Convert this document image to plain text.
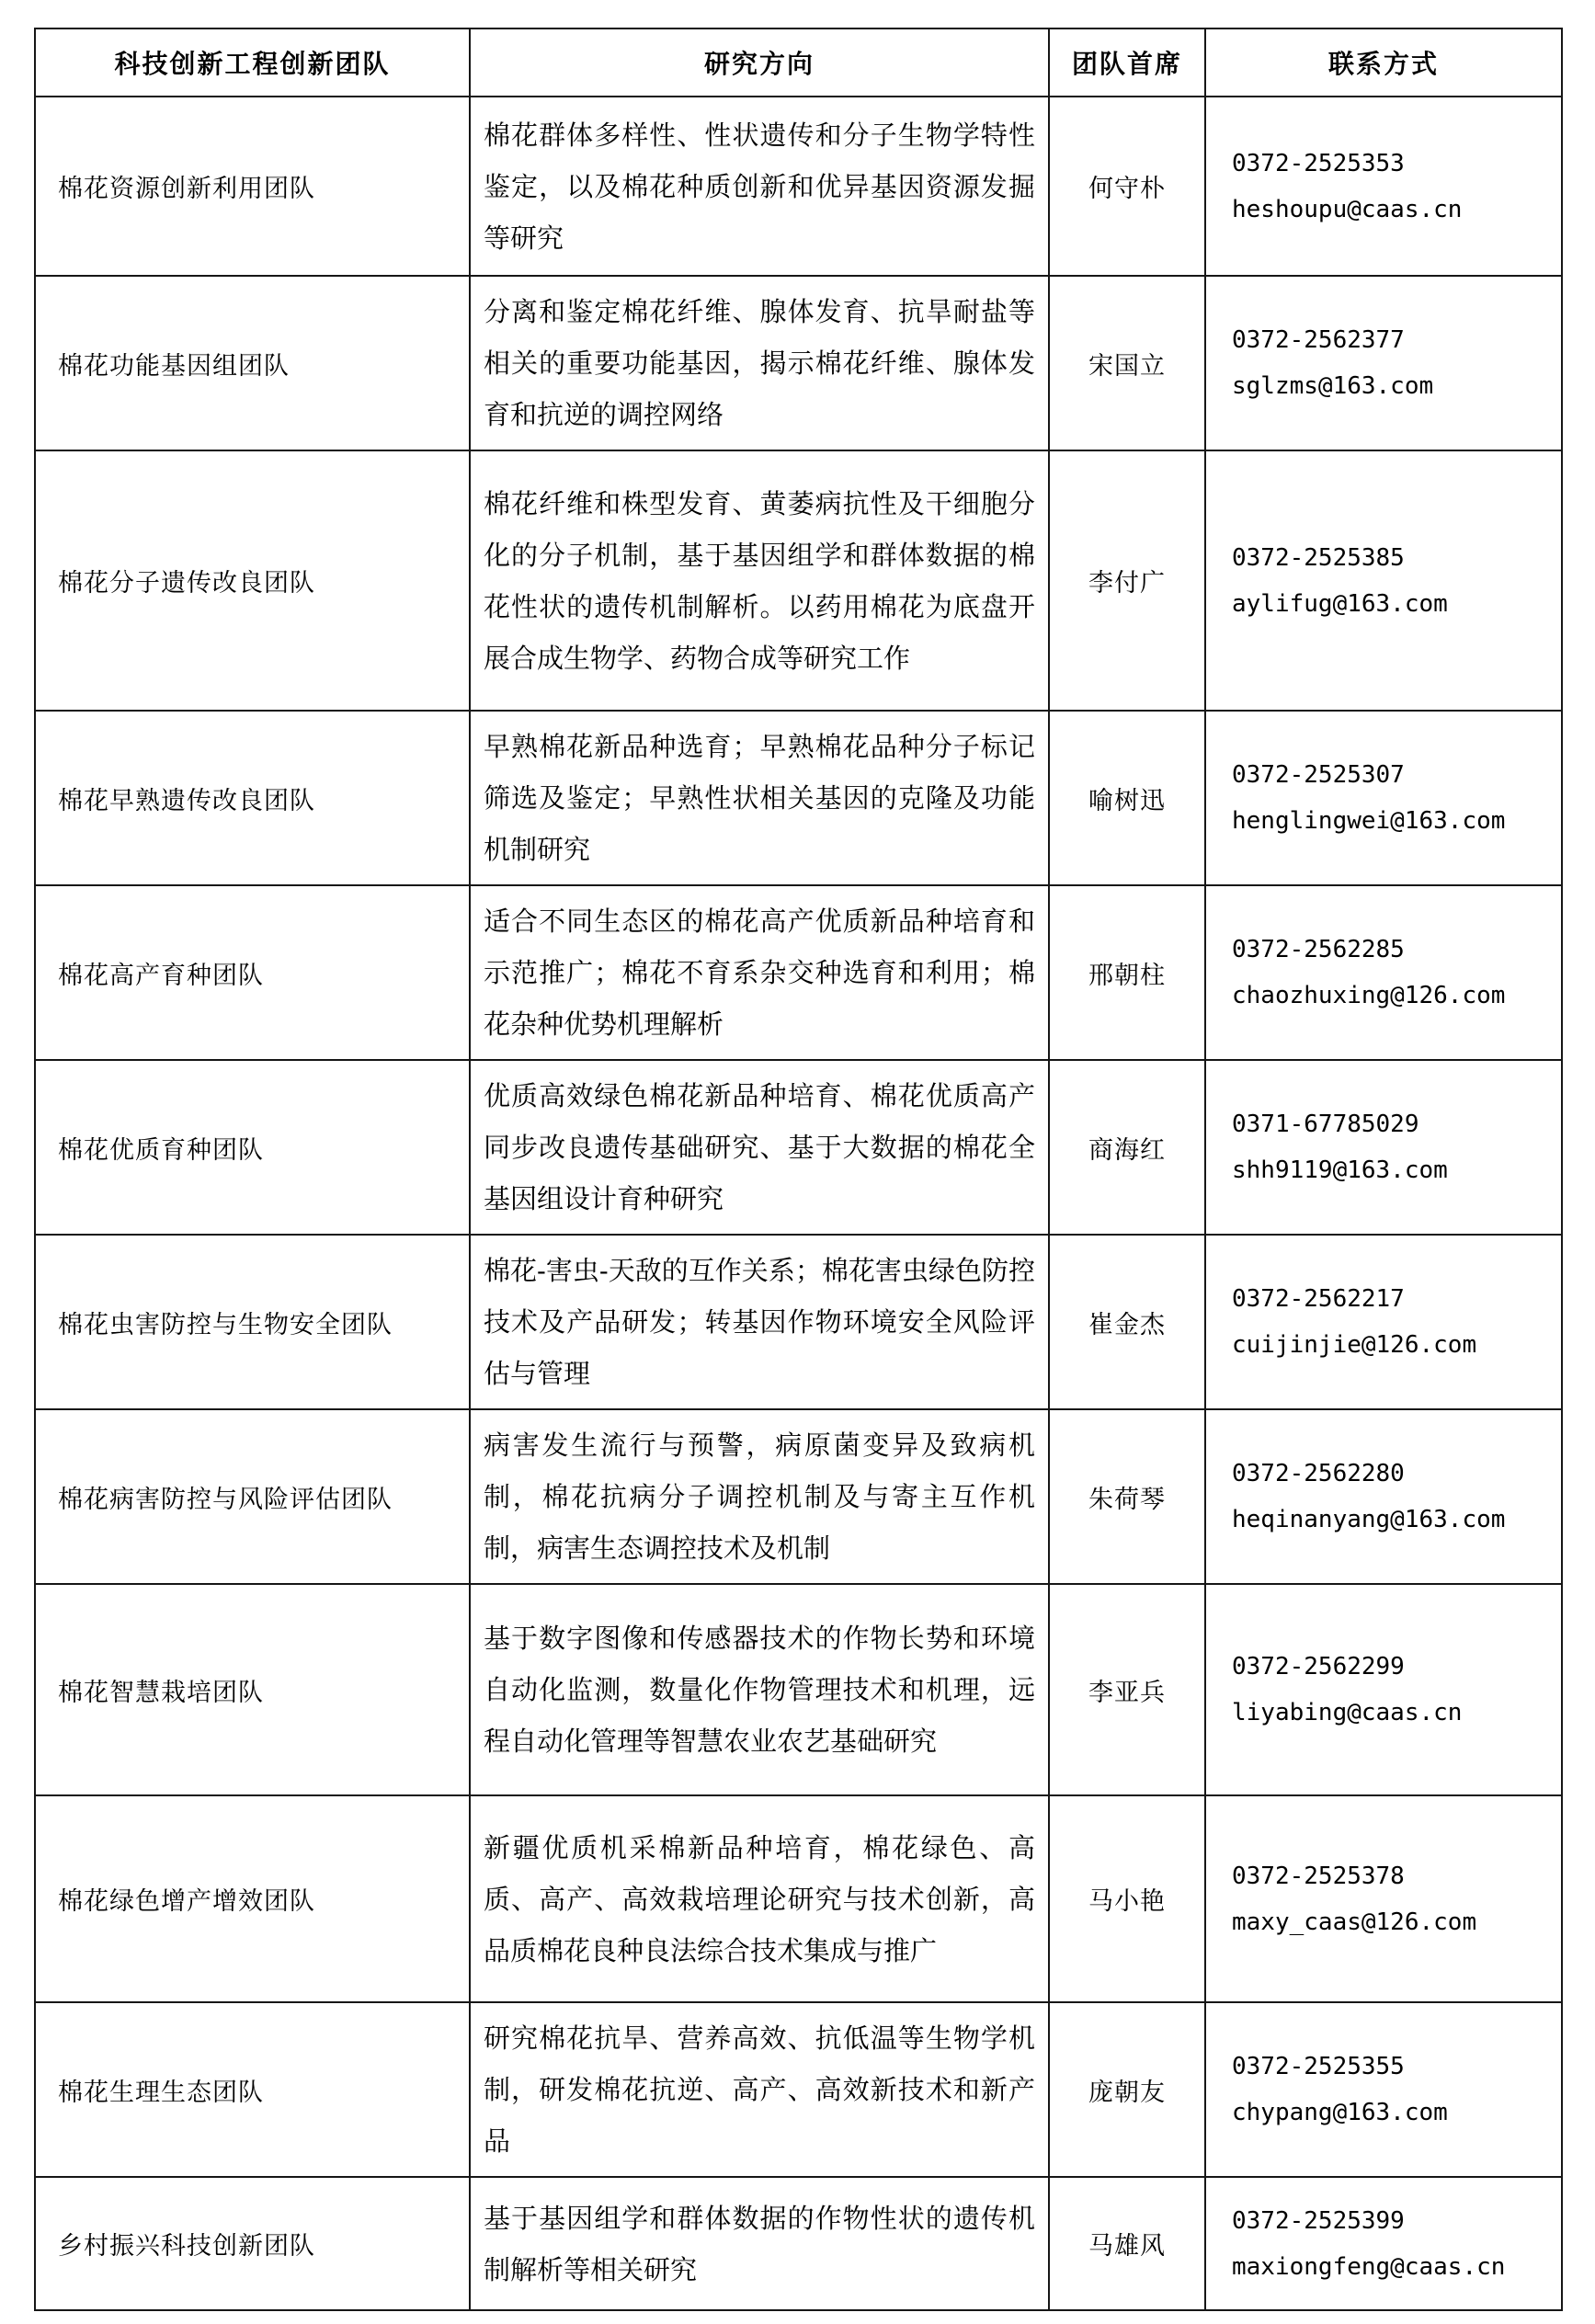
科技创新工程创新团队	研究方向	团队首席	联系方式
棉花资源创新利用团队	棉花群体多样性、性状遗传和分子生物学特性鉴定，以及棉花种质创新和优异基因资源发掘等研究	何守朴	0372-2525353
heshoupu@caas.cn

棉花功能基因组团队	分离和鉴定棉花纤维、腺体发育、抗旱耐盐等相关的重要功能基因，揭示棉花纤维、腺体发育和抗逆的调控网络	宋国立	0372-2562377
sglzms@163.com

棉花分子遗传改良团队	棉花纤维和株型发育、黄萎病抗性及干细胞分化的分子机制，基于基因组学和群体数据的棉花性状的遗传机制解析。以药用棉花为底盘开展合成生物学、药物合成等研究工作	李付广	0372-2525385
aylifug@163.com

棉花早熟遗传改良团队	早熟棉花新品种选育；早熟棉花品种分子标记筛选及鉴定；早熟性状相关基因的克隆及功能机制研究	喻树迅	0372-2525307
henglingwei@163.com

棉花高产育种团队	适合不同生态区的棉花高产优质新品种培育和示范推广；棉花不育系杂交种选育和利用；棉花杂种优势机理解析	邢朝柱	0372-2562285
chaozhuxing@126.com

棉花优质育种团队	优质高效绿色棉花新品种培育、棉花优质高产同步改良遗传基础研究、基于大数据的棉花全基因组设计育种研究	商海红	0371-67785029
shh9119@163.com

棉花虫害防控与生物安全团队	棉花-害虫-天敌的互作关系；棉花害虫绿色防控技术及产品研发；转基因作物环境安全风险评估与管理	崔金杰	0372-2562217
cuijinjie@126.com

棉花病害防控与风险评估团队	病害发生流行与预警，病原菌变异及致病机制，棉花抗病分子调控机制及与寄主互作机制，病害生态调控技术及机制	朱荷琴	0372-2562280
heqinanyang@163.com

棉花智慧栽培团队	基于数字图像和传感器技术的作物长势和环境自动化监测，数量化作物管理技术和机理，远程自动化管理等智慧农业农艺基础研究	李亚兵	0372-2562299
liyabing@caas.cn

棉花绿色增产增效团队	新疆优质机采棉新品种培育，棉花绿色、高质、高产、高效栽培理论研究与技术创新，高品质棉花良种良法综合技术集成与推广	马小艳	0372-2525378
maxy_caas@126.com

棉花生理生态团队	研究棉花抗旱、营养高效、抗低温等生物学机制，研发棉花抗逆、高产、高效新技术和新产品	庞朝友	0372-2525355
chypang@163.com

乡村振兴科技创新团队	基于基因组学和群体数据的作物性状的遗传机制解析等相关研究	马雄风	0372-2525399
maxiongfeng@caas.cn
